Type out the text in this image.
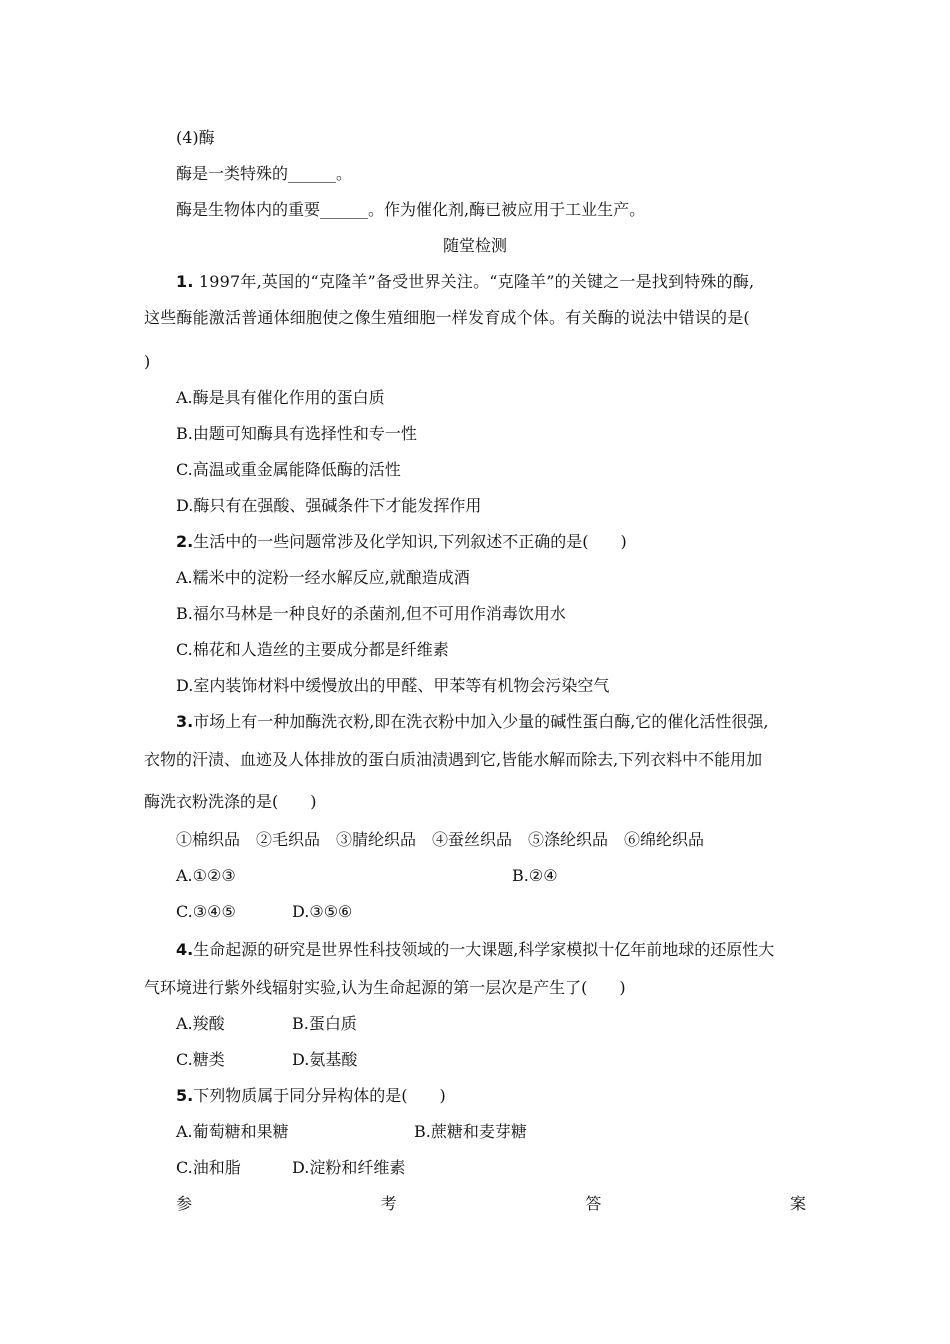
(4)酶
酶是一类特殊的______。
酶是生物体内的重要______。作为催化剂,酶已被应用于工业生产。
随堂检测
1. 1997年,英国的“克隆羊”备受世界关注。“克隆羊”的关键之一是找到特殊的酶,
这些酶能激活普通体细胞使之像生殖细胞一样发育成个体。有关酶的说法中错误的是(
)
A.酶是具有催化作用的蛋白质
B.由题可知酶具有选择性和专一性
C.高温或重金属能降低酶的活性
D.酶只有在强酸、强碱条件下才能发挥作用
2.生活中的一些问题常涉及化学知识,下列叙述不正确的是(　　)
A.糯米中的淀粉一经水解反应,就酿造成酒
B.福尔马林是一种良好的杀菌剂,但不可用作消毒饮用水
C.棉花和人造丝的主要成分都是纤维素
D.室内装饰材料中缓慢放出的甲醛、甲苯等有机物会污染空气
3.市场上有一种加酶洗衣粉,即在洗衣粉中加入少量的碱性蛋白酶,它的催化活性很强,
衣物的汗渍、血迹及人体排放的蛋白质油渍遇到它,皆能水解而除去,下列衣料中不能用加
酶洗衣粉洗涤的是(　　)
①棉织品　②毛织品　③腈纶织品　④蚕丝织品　⑤涤纶织品　⑥绵纶织品
A.①②③	B.②④
C.③④⑤	D.③⑤⑥
4.生命起源的研究是世界性科技领域的一大课题,科学家模拟十亿年前地球的还原性大
气环境进行紫外线辐射实验,认为生命起源的第一层次是产生了(　　)
A.羧酸	B.蛋白质
C.糖类	D.氨基酸
5.下列物质属于同分异构体的是(　　)
A.葡萄糖和果糖	B.蔗糖和麦芽糖
C.油和脂	D.淀粉和纤维素
参	考	答	案
